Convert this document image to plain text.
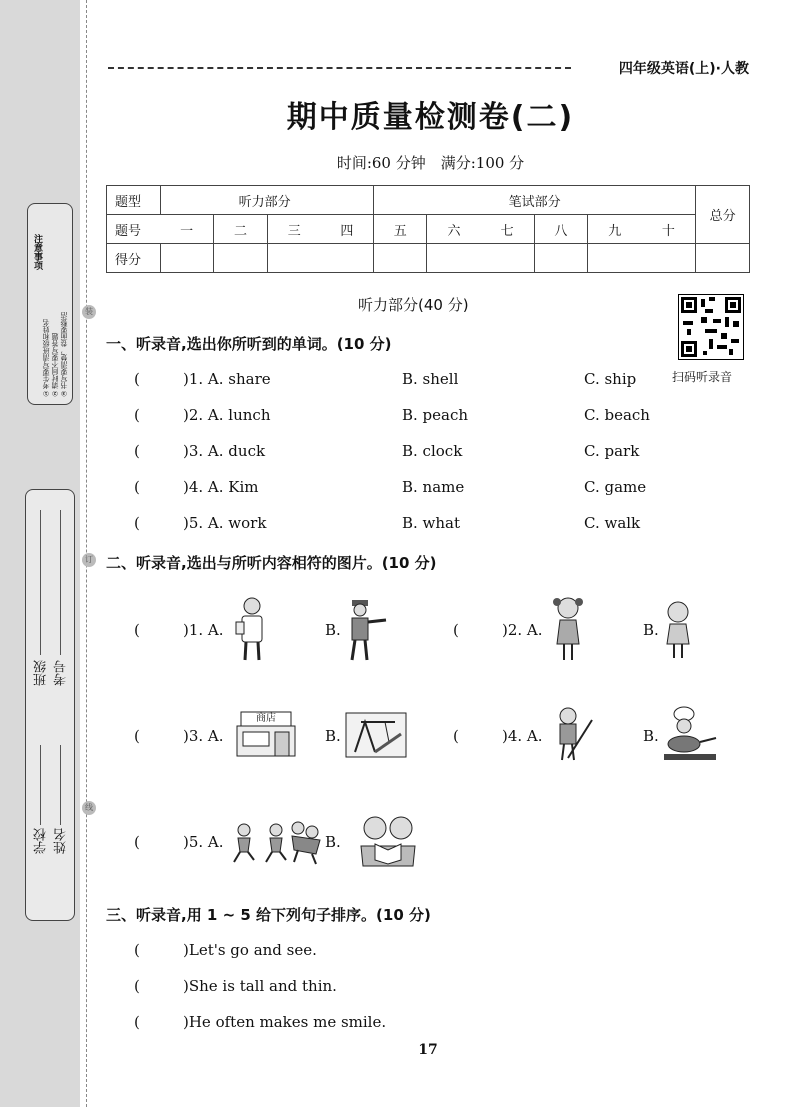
注意事项
①考生要写清班级和姓名 ②请时间不要写答题 ③书写要清楚，卷面要整洁
学校 姓名
班级 考号
装
订
线
四年级英语(上)·人教
期中质量检测卷(二)
时间:60 分钟　满分:100 分
题型	听力部分				笔试部分						总分
题号	一	二	三	四	五	六	七	八	九	十	
得分											
听力部分(40 分)
扫码听录音
一、听录音,选出你所听到的单词。(10 分)
(	)1. A. share	B. shell	C. ship
(	)2. A. lunch	B. peach	C. beach
(	)3. A. duck	B. clock	C. park
(	)4. A. Kim	B. name	C. game
(	)5. A. work	B. what	C. walk
二、听录音,选出与所听内容相符的图片。(10 分)
(	)1. A.	B.	(	)2. A.	B.
(	)3. A.
商店
B.	(	)4. A.	B.
(	)5. A.	B.
三、听录音,用 1 ~ 5 给下列句子排序。(10 分)
(	)Let's go and see.
(	)She is tall and thin.
(	)He often makes me smile.
17
